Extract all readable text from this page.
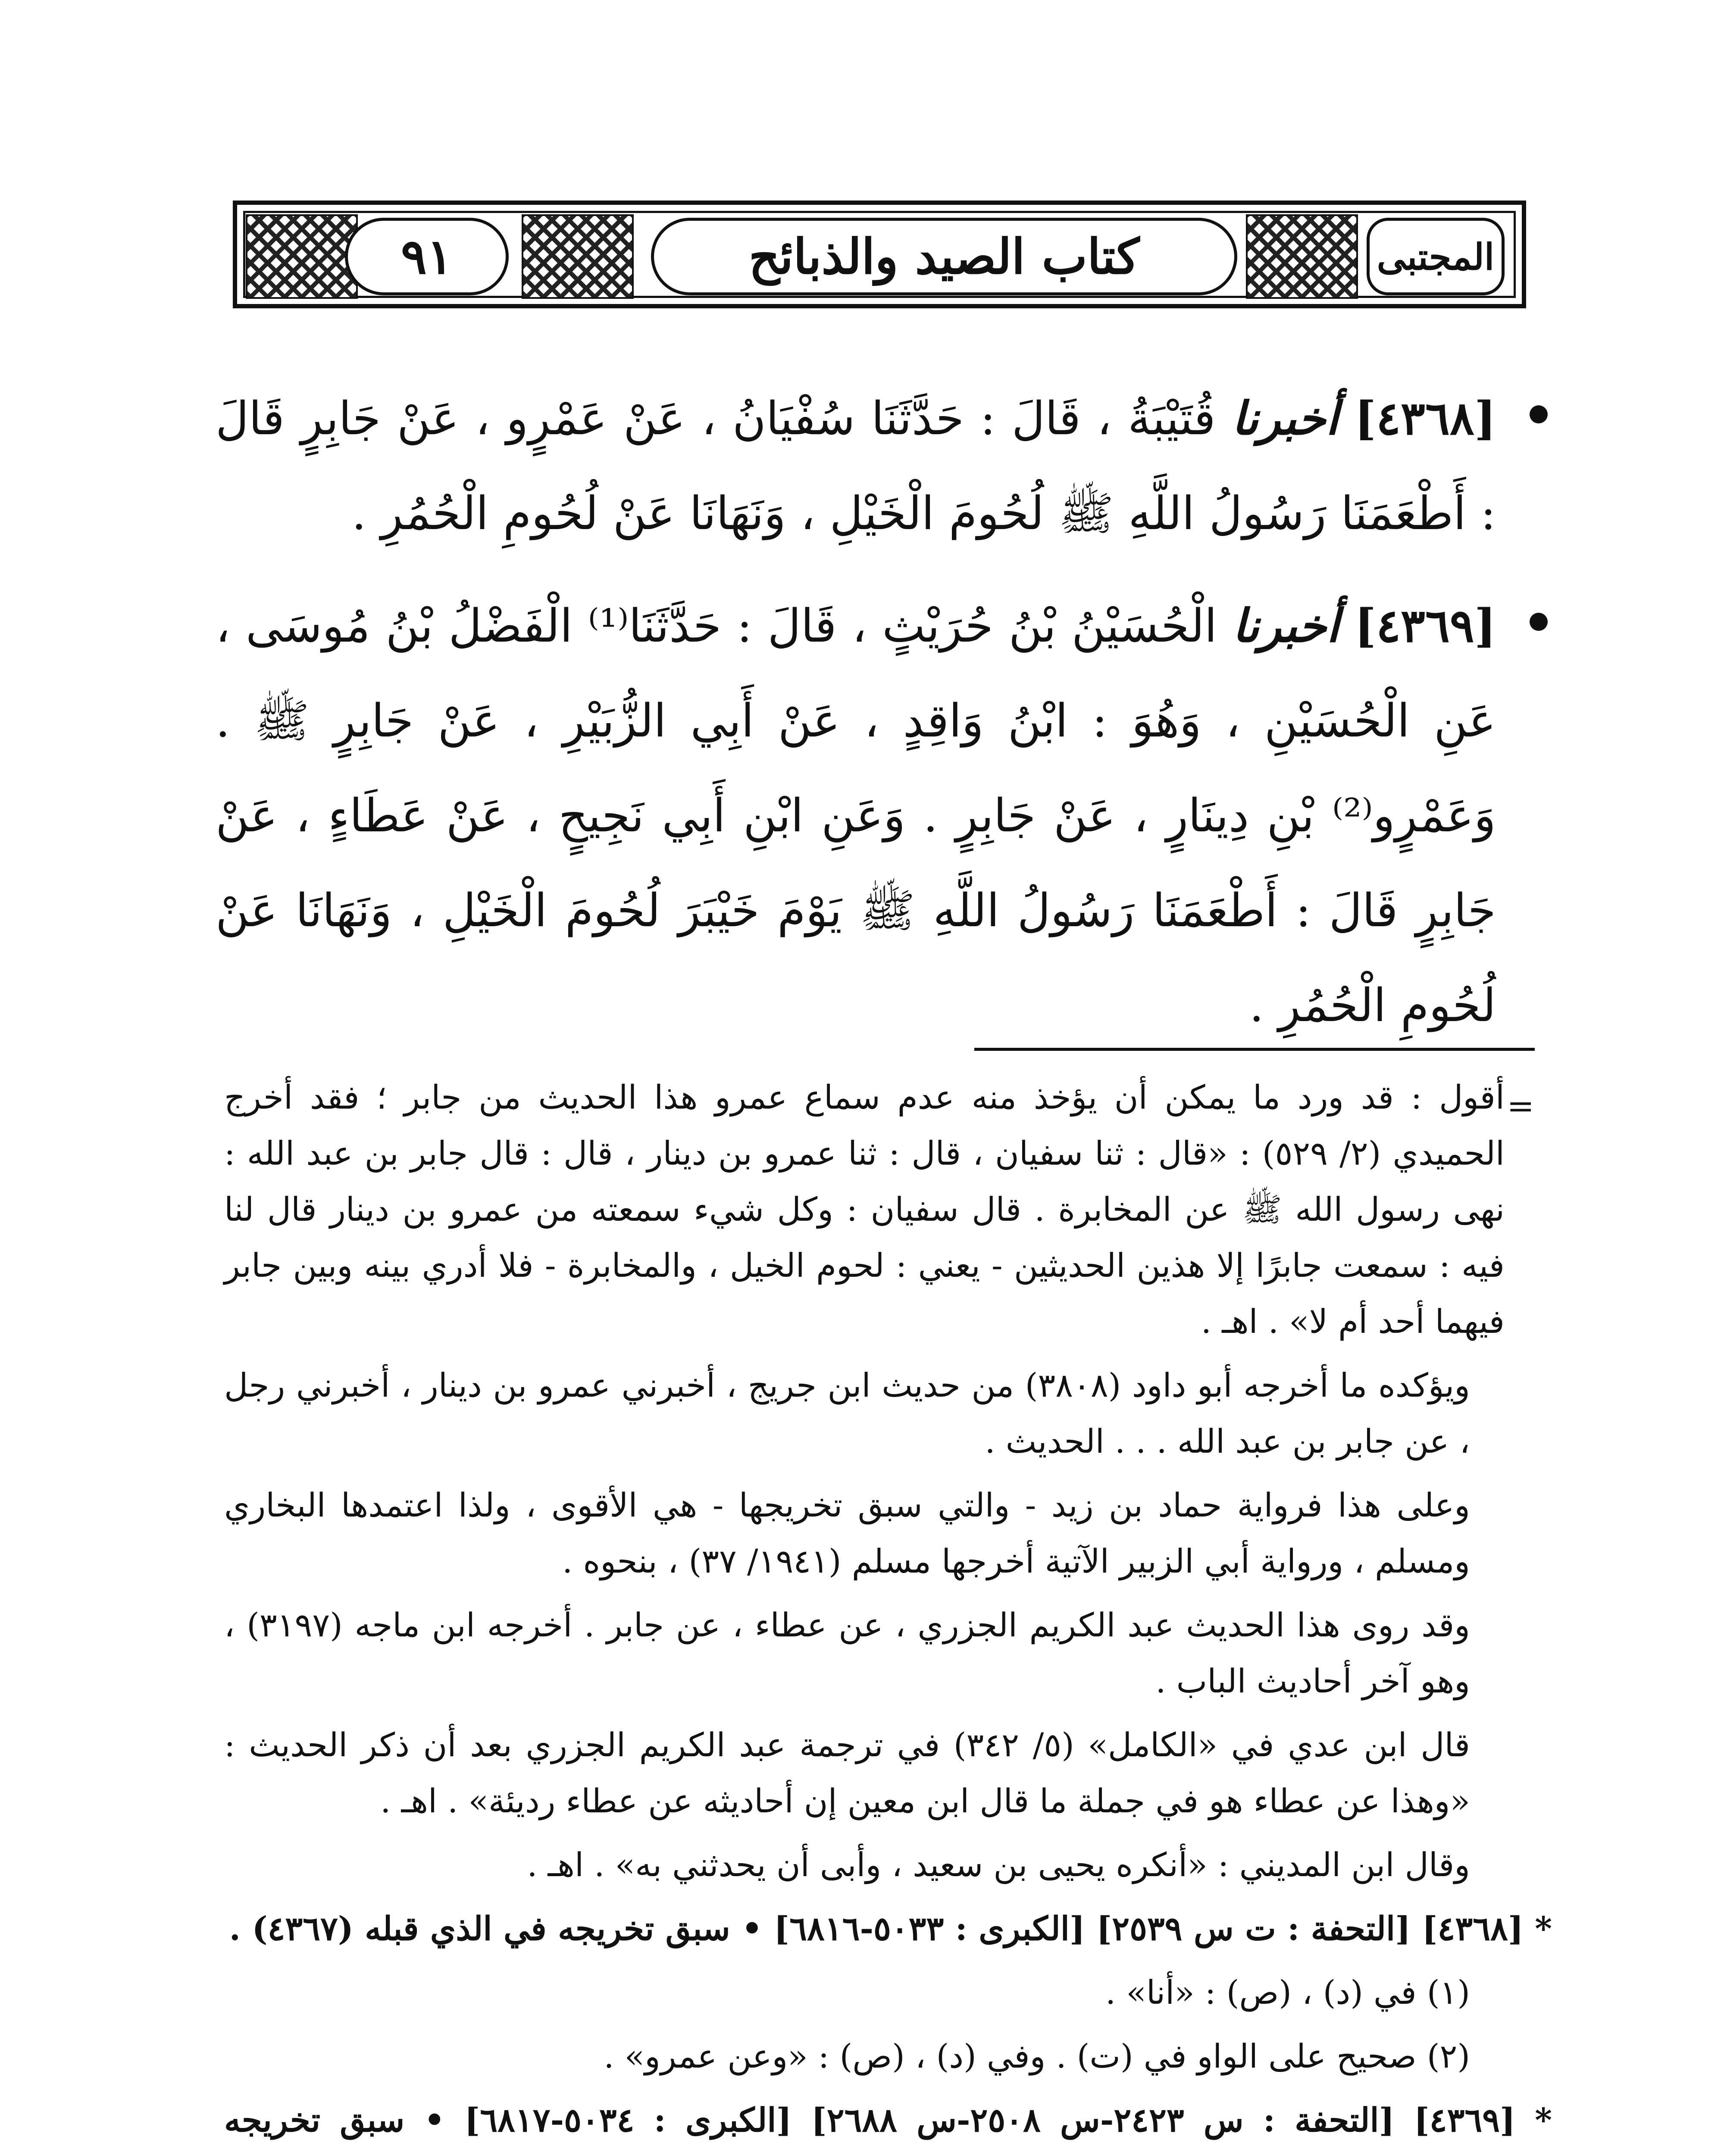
٩١	كتاب الصيد والذبائح	المجتبى

[٤٣٦٨] أخبرنا قُتَيْبَةُ ، قَالَ : حَدَّثَنَا سُفْيَانُ ، عَنْ عَمْرٍو ، عَنْ جَابِرٍ قَالَ : أَطْعَمَنَا رَسُولُ اللَّهِ ﷺ لُحُومَ الْخَيْلِ ، وَنَهَانَا عَنْ لُحُومِ الْحُمُرِ .

[٤٣٦٩] أخبرنا الْحُسَيْنُ بْنُ حُرَيْثٍ ، قَالَ : حَدَّثَنَا⁽¹⁾ الْفَضْلُ بْنُ مُوسَى ، عَنِ الْحُسَيْنِ ، وَهُوَ : ابْنُ وَاقِدٍ ، عَنْ أَبِي الزُّبَيْرِ ، عَنْ جَابِرٍ ﷺ . وَعَمْرٍو⁽²⁾ بْنِ دِينَارٍ ، عَنْ جَابِرٍ . وَعَنِ ابْنِ أَبِي نَجِيحٍ ، عَنْ عَطَاءٍ ، عَنْ جَابِرٍ قَالَ : أَطْعَمَنَا رَسُولُ اللَّهِ ﷺ يَوْمَ خَيْبَرَ لُحُومَ الْخَيْلِ ، وَنَهَانَا عَنْ لُحُومِ الْحُمُرِ .

=

أقول : قد ورد ما يمكن أن يؤخذ منه عدم سماع عمرو هذا الحديث من جابر ؛ فقد أخرج الحميدي (٢/ ٥٢٩) : «قال : ثنا سفيان ، قال : ثنا عمرو بن دينار ، قال : قال جابر بن عبد الله : نهى رسول الله ﷺ عن المخابرة . قال سفيان : وكل شيء سمعته من عمرو بن دينار قال لنا فيه : سمعت جابرًا إلا هذين الحديثين - يعني : لحوم الخيل ، والمخابرة - فلا أدري بينه وبين جابر فيهما أحد أم لا» . اهـ .

ويؤكده ما أخرجه أبو داود (٣٨٠٨) من حديث ابن جريج ، أخبرني عمرو بن دينار ، أخبرني رجل ، عن جابر بن عبد الله . . . الحديث .

وعلى هذا فرواية حماد بن زيد - والتي سبق تخريجها - هي الأقوى ، ولذا اعتمدها البخاري ومسلم ، ورواية أبي الزبير الآتية أخرجها مسلم (١٩٤١/ ٣٧) ، بنحوه .

وقد روى هذا الحديث عبد الكريم الجزري ، عن عطاء ، عن جابر . أخرجه ابن ماجه (٣١٩٧) ، وهو آخر أحاديث الباب .

قال ابن عدي في «الكامل» (٥/ ٣٤٢) في ترجمة عبد الكريم الجزري بعد أن ذكر الحديث : «وهذا عن عطاء هو في جملة ما قال ابن معين إن أحاديثه عن عطاء رديئة» . اهـ .

وقال ابن المديني : «أنكره يحيى بن سعيد ، وأبى أن يحدثني به» . اهـ .

* [٤٣٦٨] [التحفة : ت س ٢٥٣٩] [الكبرى : ٥٠٣٣-٦٨١٦] • سبق تخريجه في الذي قبله (٤٣٦٧) .

(١) في (د) ، (ص) : «أنا» .

(٢) صحيح على الواو في (ت) . وفي (د) ، (ص) : «وعن عمرو» .

* [٤٣٦٩] [التحفة : س ٢٤٢٣-س ٢٥٠٨-س ٢٦٨٨] [الكبرى : ٥٠٣٤-٦٨١٧] • سبق تخريجه
